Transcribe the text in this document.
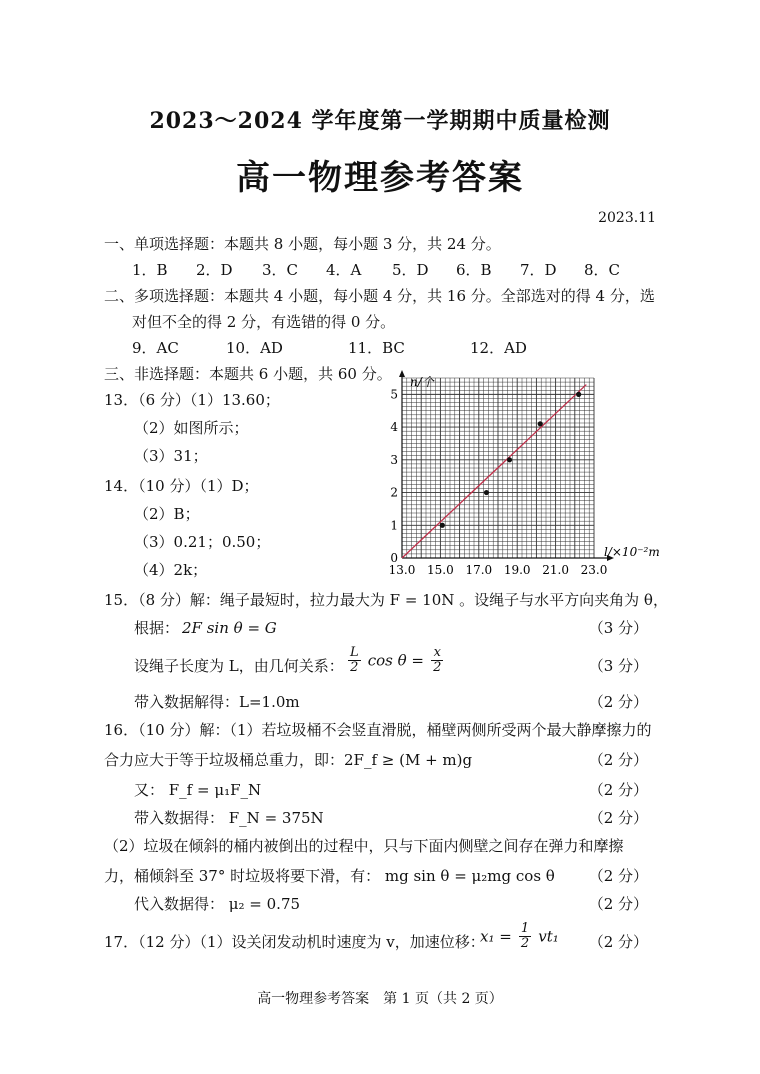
2023～2024 学年度第一学期期中质量检测
高一物理参考答案
2023.11
一、单项选择题：本题共 8 小题，每小题 3 分，共 24 分。
1．B 2．D 3．C 4．A 5．D 6．B 7．D 8．C
二、多项选择题：本题共 4 小题，每小题 4 分，共 16 分。全部选对的得 4 分，选
对但不全的得 2 分，有选错的得 0 分。
9．AC	10．AD	11．BC	12．AD
三、非选择题：本题共 6 小题，共 60 分。
13．（6 分）（1）13.60；
（2）如图所示；
（3）31；
14．（10 分）（1）D；
（2）B；
（3）0.21；0.50；
（4）2k；	13.0 15.0 17.0 19.0 21.0 23.0
0
1
2
3
4
5
n/个
l/×10⁻²m
15．（8 分）解：绳子最短时，拉力最大为 F = 10N 。设绳子与水平方向夹角为 θ，
根据： 2F sin θ = G	（3 分）
设绳子长度为 L，由几何关系： $\frac{L}{2}$ $\cos \theta = \frac{x}{2}$	（3 分）
带入数据解得：L=1.0m	（2 分）
16．（10 分）解：（1）若垃圾桶不会竖直滑脱，桶壁两侧所受两个最大静摩擦力的
合力应大于等于垃圾桶总重力，即：2F_f ≥ (M + m)g	（2 分）
又： F_f = μ₁F_N	（2 分）
带入数据得： F_N = 375N	（2 分）
（2）垃圾在倾斜的桶内被倒出的过程中，只与下面内侧壁之间存在弹力和摩擦
力，桶倾斜至 37° 时垃圾将要下滑，有： mg sin θ = μ₂mg cos θ （2 分）
代入数据得： μ₂ = 0.75	（2 分）
17．（12 分）（1）设关闭发动机时速度为 v，加速位移：
$x_1 = \frac{1}{2} vt_1$ （2 分）
高一物理参考答案　第 1 页（共 2 页）
